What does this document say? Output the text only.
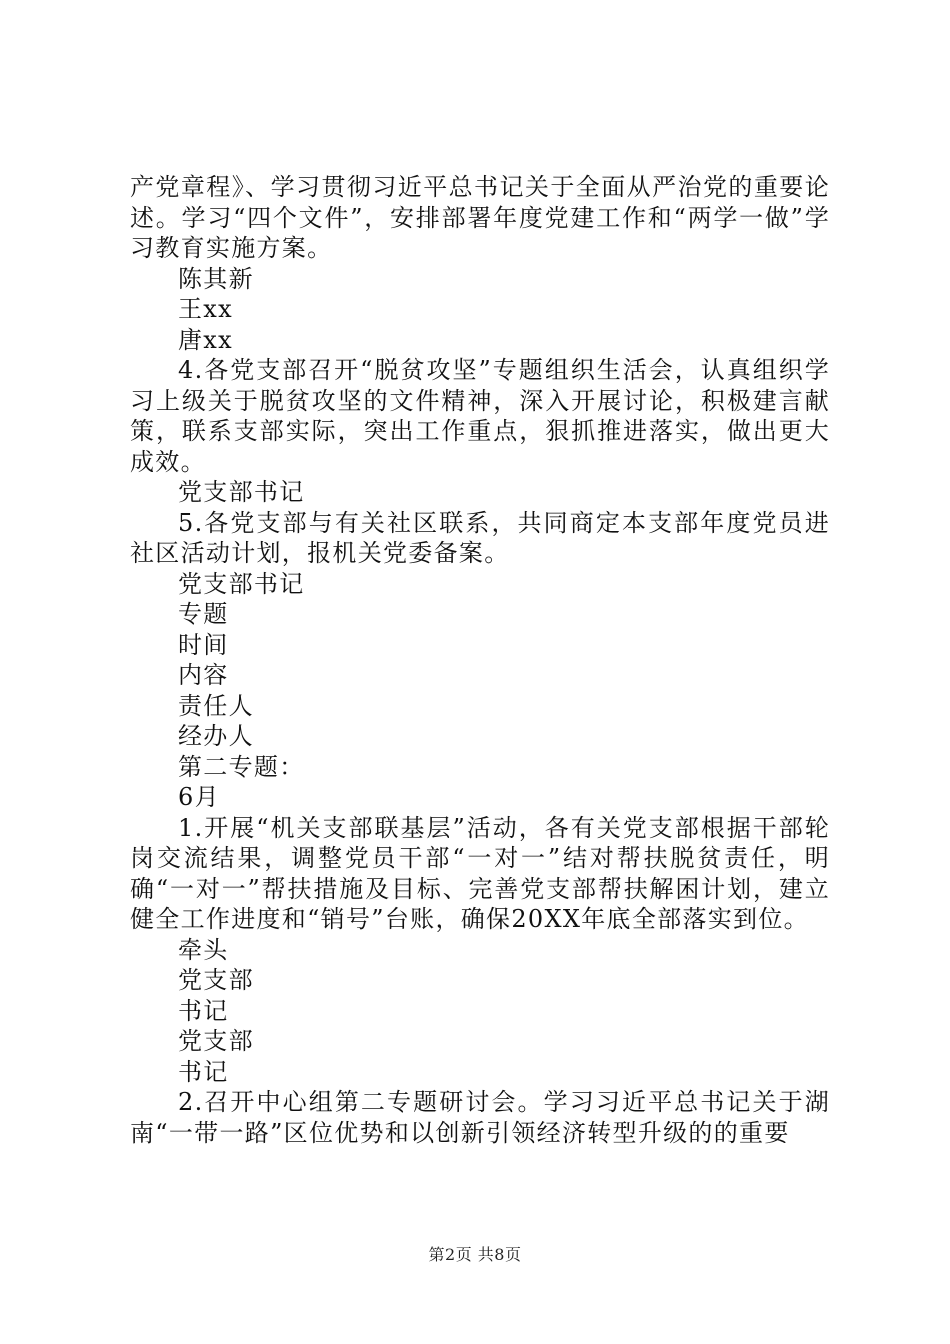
产党章程》、学习贯彻习近平总书记关于全面从严治党的重要论述。学习“四个文件”，安排部署年度党建工作和“两学一做”学习教育实施方案。

陈其新

王xx

唐xx

4.各党支部召开“脱贫攻坚”专题组织生活会，认真组织学习上级关于脱贫攻坚的文件精神，深入开展讨论，积极建言献策，联系支部实际，突出工作重点，狠抓推进落实，做出更大成效。

党支部书记

5.各党支部与有关社区联系，共同商定本支部年度党员进社区活动计划，报机关党委备案。

党支部书记

专题

时间

内容

责任人

经办人

第二专题：

6月

1.开展“机关支部联基层”活动，各有关党支部根据干部轮岗交流结果，调整党员干部“一对一”结对帮扶脱贫责任，明确“一对一”帮扶措施及目标、完善党支部帮扶解困计划，建立健全工作进度和“销号”台账，确保20XX年底全部落实到位。

牵头

党支部

书记

党支部

书记

2.召开中心组第二专题研讨会。学习习近平总书记关于湖南“一带一路”区位优势和以创新引领经济转型升级的的重要

第2页 共8页
